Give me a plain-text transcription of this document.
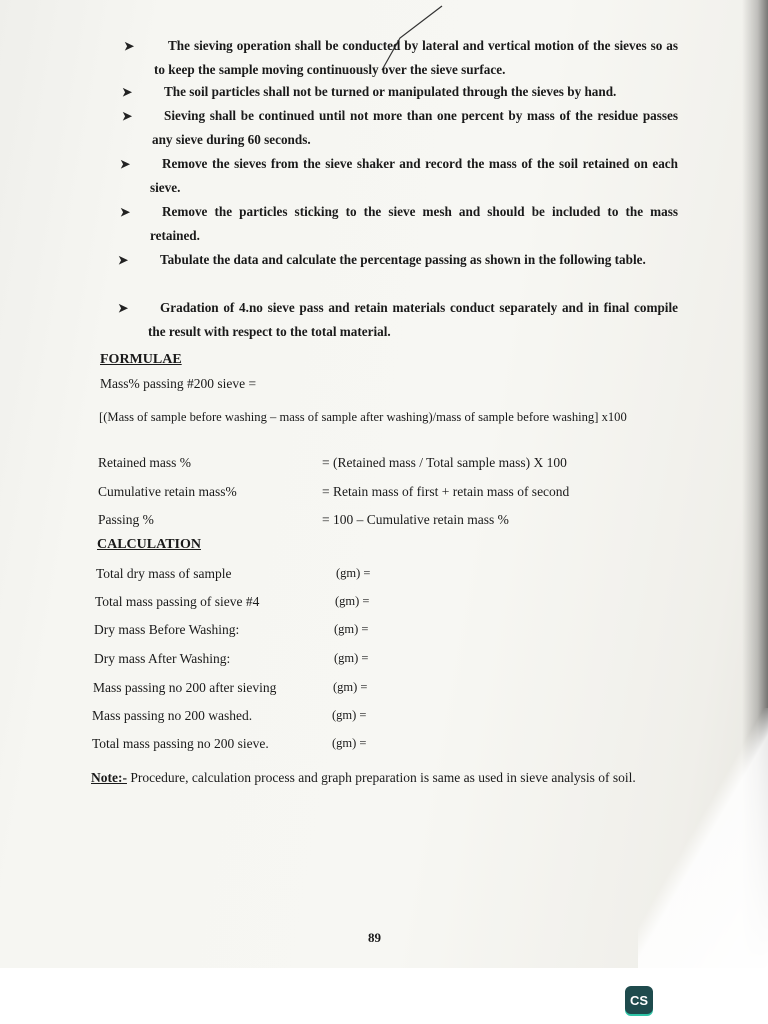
➤	The sieving operation shall be conducted by lateral and vertical motion of the sieves so as to keep the sample moving continuously over the sieve surface.
➤	The soil particles shall not be turned or manipulated through the sieves by hand.
➤	Sieving shall be continued until not more than one percent by mass of the residue passes any sieve during 60 seconds.
➤	Remove the sieves from the sieve shaker and record the mass of the soil retained on each sieve.
➤	Remove the particles sticking to the sieve mesh and should be included to the mass retained.
➤	Tabulate the data and calculate the percentage passing as shown in the following table.
➤	Gradation of 4.no sieve pass and retain materials conduct separately and in final compile the result with respect to the total material.
FORMULAE
Mass% passing #200 sieve =
[(Mass of sample before washing – mass of sample after washing)/mass of sample before washing] x100
Retained mass %	= (Retained mass / Total sample mass) X 100
Cumulative retain mass%	= Retain mass of first + retain mass of second
Passing %	= 100 – Cumulative retain mass %
CALCULATION
Total dry mass of sample	(gm) =
Total mass passing of sieve #4	(gm) =
Dry mass Before Washing:	(gm) =
Dry mass After Washing:	(gm) =
Mass passing no 200 after sieving	(gm) =
Mass passing no 200 washed.	(gm) =
Total mass passing no 200 sieve.	(gm) =
Note:- Procedure, calculation process and graph preparation is same as used in sieve analysis of soil.
89
CS
